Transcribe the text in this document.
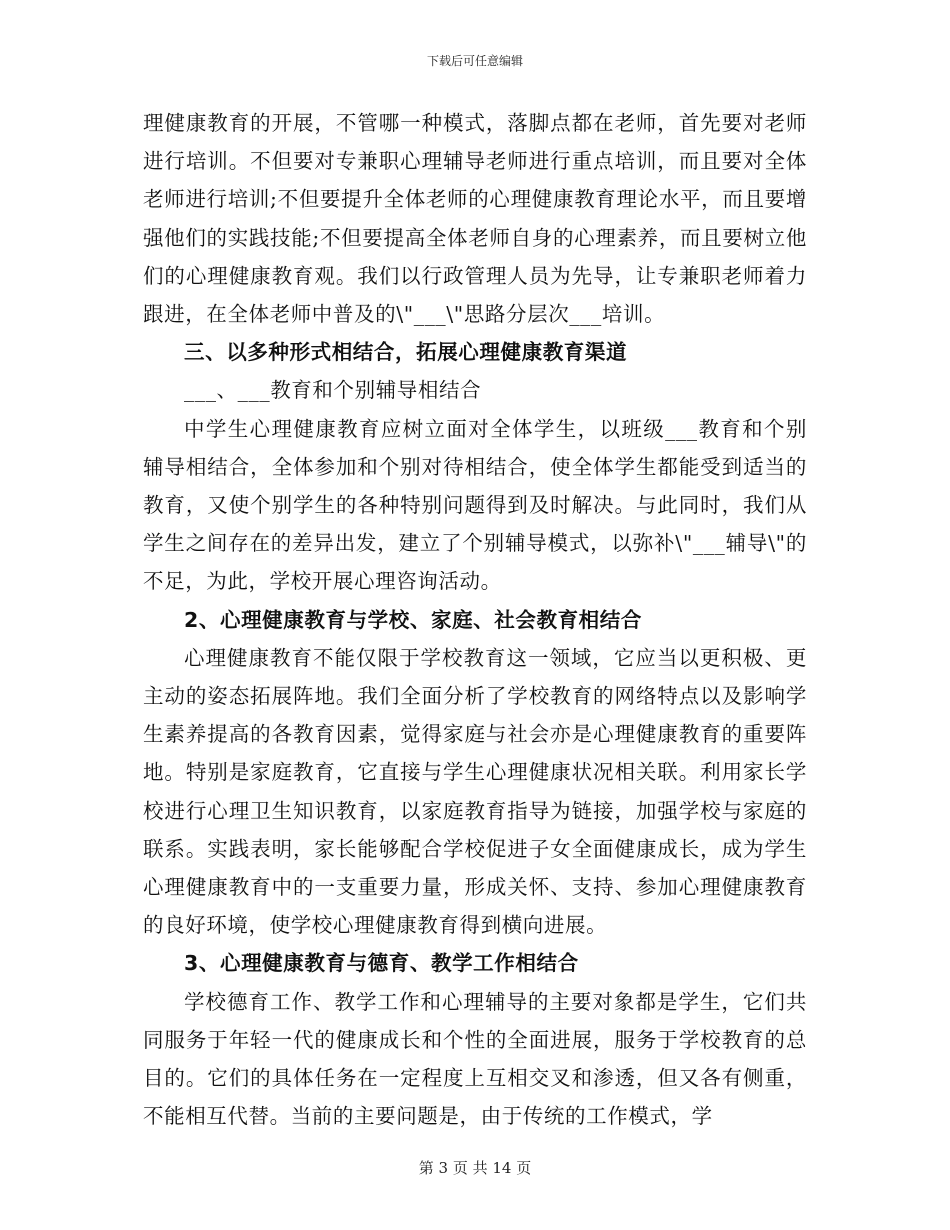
下载后可任意编辑

理健康教育的开展，不管哪一种模式，落脚点都在老师，首先要对老师进行培训。不但要对专兼职心理辅导老师进行重点培训，而且要对全体老师进行培训;不但要提升全体老师的心理健康教育理论水平，而且要增强他们的实践技能;不但要提高全体老师自身的心理素养，而且要树立他们的心理健康教育观。我们以行政管理人员为先导，让专兼职老师着力跟进，在全体老师中普及的\"___\"思路分层次___培训。

三、以多种形式相结合，拓展心理健康教育渠道

___、___教育和个别辅导相结合

中学生心理健康教育应树立面对全体学生，以班级___教育和个别辅导相结合，全体参加和个别对待相结合，使全体学生都能受到适当的教育，又使个别学生的各种特别问题得到及时解决。与此同时，我们从学生之间存在的差异出发，建立了个别辅导模式，以弥补\"___辅导\"的不足，为此，学校开展心理咨询活动。

2、心理健康教育与学校、家庭、社会教育相结合

心理健康教育不能仅限于学校教育这一领域，它应当以更积极、更主动的姿态拓展阵地。我们全面分析了学校教育的网络特点以及影响学生素养提高的各教育因素，觉得家庭与社会亦是心理健康教育的重要阵地。特别是家庭教育，它直接与学生心理健康状况相关联。利用家长学校进行心理卫生知识教育，以家庭教育指导为链接，加强学校与家庭的联系。实践表明，家长能够配合学校促进子女全面健康成长，成为学生心理健康教育中的一支重要力量，形成关怀、支持、参加心理健康教育的良好环境，使学校心理健康教育得到横向进展。

3、心理健康教育与德育、教学工作相结合

学校德育工作、教学工作和心理辅导的主要对象都是学生，它们共同服务于年轻一代的健康成长和个性的全面进展，服务于学校教育的总目的。它们的具体任务在一定程度上互相交叉和渗透，但又各有侧重，不能相互代替。当前的主要问题是，由于传统的工作模式，学

第 3 页 共 14 页
